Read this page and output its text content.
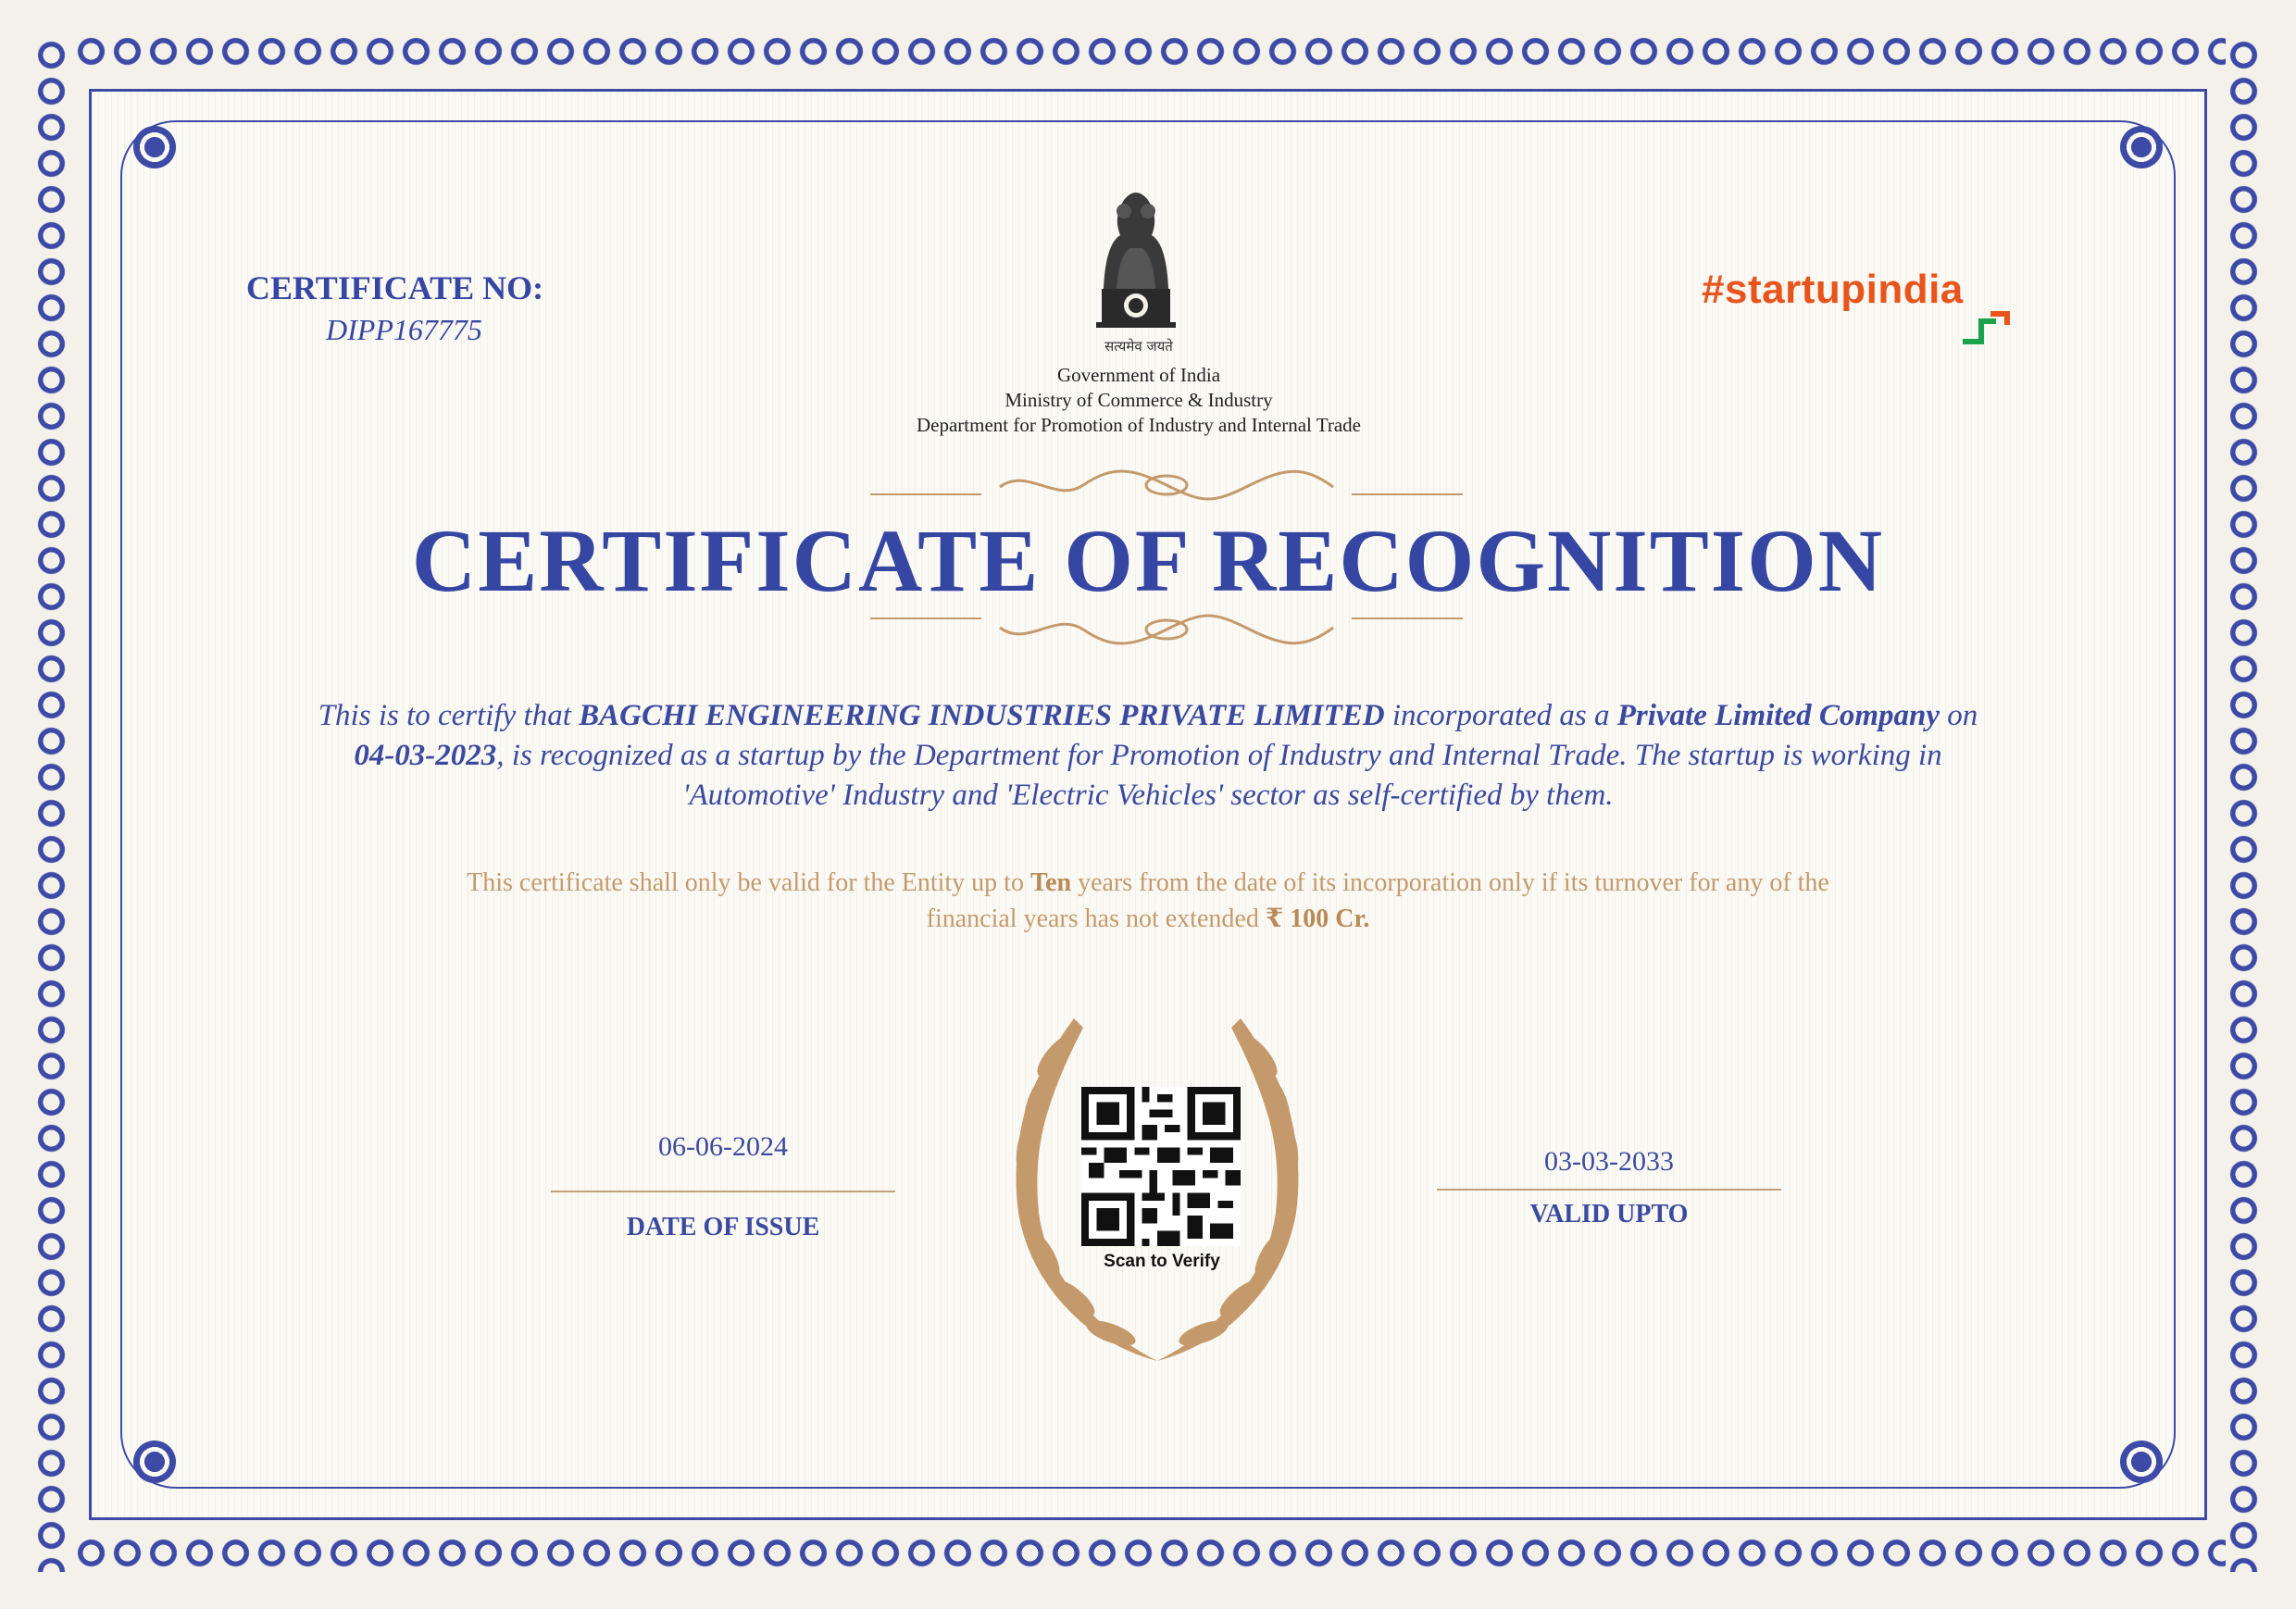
CERTIFICATE NO:
DIPP167775	सत्यमेव जयते
Government of India
Ministry of Commerce & Industry
Department for Promotion of Industry and Internal Trade
#startupindia
CERTIFICATE OF RECOGNITION
This is to certify that BAGCHI ENGINEERING INDUSTRIES PRIVATE LIMITED incorporated as a Private Limited Company on 04-03-2023, is recognized as a startup by the Department for Promotion of Industry and Internal Trade. The startup is working in 'Automotive' Industry and 'Electric Vehicles' sector as self-certified by them.
This certificate shall only be valid for the Entity up to Ten years from the date of its incorporation only if its turnover for any of the financial years has not extended ₹ 100 Cr.
06-06-2024
DATE OF ISSUE
03-03-2033
VALID UPTO
Scan to Verify
